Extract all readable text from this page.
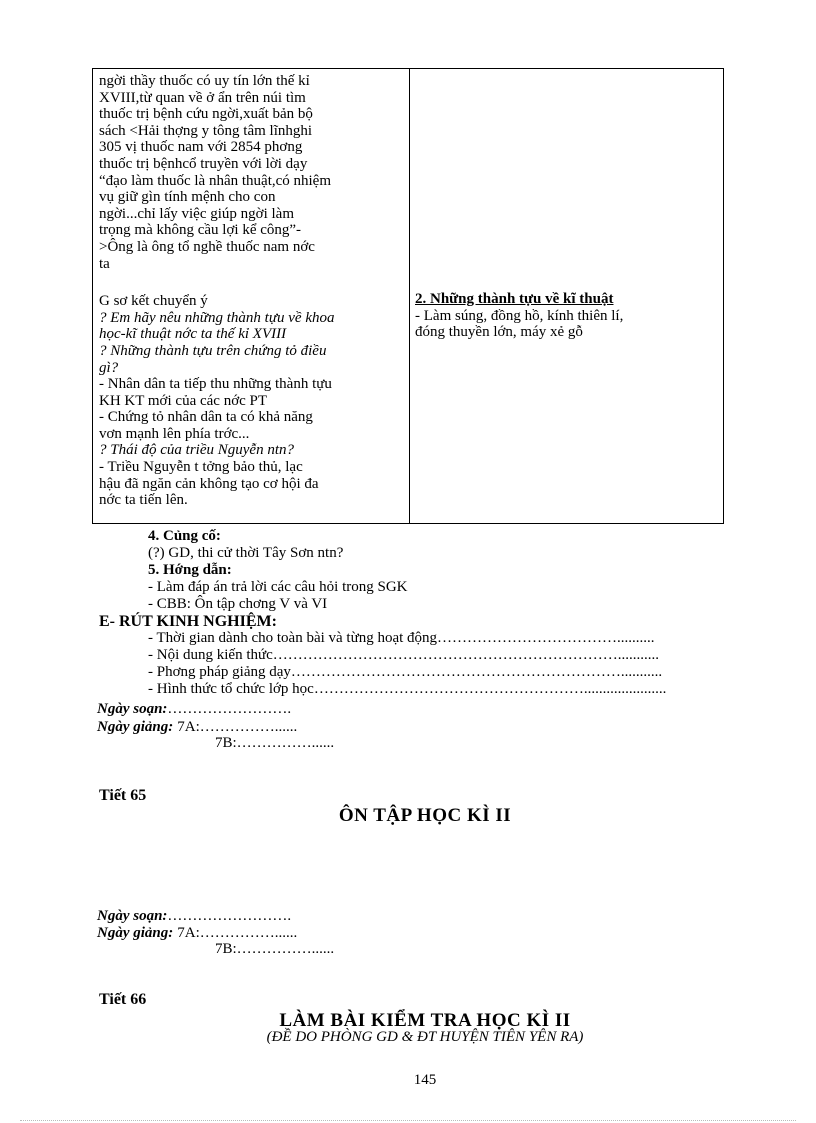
ngời thầy thuốc có uy tín lớn thế kỉ
XVIII,từ quan về ở ẩn trên núi tìm
thuốc trị bệnh cứu ngời,xuất bản bộ
sách <Hải thợng y tông tâm lĩnhghi
305 vị thuốc nam với 2854 phơng
thuốc trị bệnhcổ truyền với lời dạy
“đạo làm thuốc là nhân thuật,có nhiệm
vụ giữ gìn tính mệnh cho con
ngời...chỉ lấy việc giúp ngời làm
trọng mà không cầu lợi kể công”-
>Ông là ông tổ nghề thuốc nam nớc
ta
G sơ kết chuyển ý
? Em hãy nêu những thành tựu về khoa
học-kĩ thuật nớc ta thế kỉ XVIII
? Những thành tựu trên chứng tỏ điều
gì?
- Nhân dân ta tiếp thu những thành tựu
KH KT mới của các nớc PT
- Chứng tỏ nhân dân ta có khả năng
vơn mạnh lên phía trớc...
? Thái độ của triều Nguyễn ntn?
- Triều Nguyễn t tởng bảo thủ, lạc
hậu đã ngăn cản không tạo cơ hội đa
nớc ta tiến lên.
2. Những thành tựu về kĩ thuật
- Làm súng, đồng hồ, kính thiên lí,
đóng thuyền lớn, máy xẻ gỗ
4. Củng cố:
(?) GD, thi cử thời Tây Sơn ntn?
5. Hớng dẫn:
- Làm đáp án trả lời các câu hỏi trong SGK
- CBB: Ôn tập chơng V và VI
E- RÚT KINH NGHIỆM:
- Thời gian dành cho toàn bài và từng hoạt động………………………………..........
- Nội dung kiến thức……………………………………………………………...........
- Phơng pháp giảng dạy…………………………………………………………...........
- Hình thức tổ chức lớp học………………………………………………......................
Ngày soạn:…………………….
Ngày giảng: 7A:……………......
7B:……………......
Tiết 65
ÔN TẬP HỌC KÌ II
Ngày soạn:…………………….
Ngày giảng: 7A:……………......
7B:……………......
Tiết 66
LÀM BÀI KIỂM TRA HỌC KÌ II
(ĐỀ DO PHÒNG GD & ĐT HUYỆN TIÊN YÊN RA)
145
